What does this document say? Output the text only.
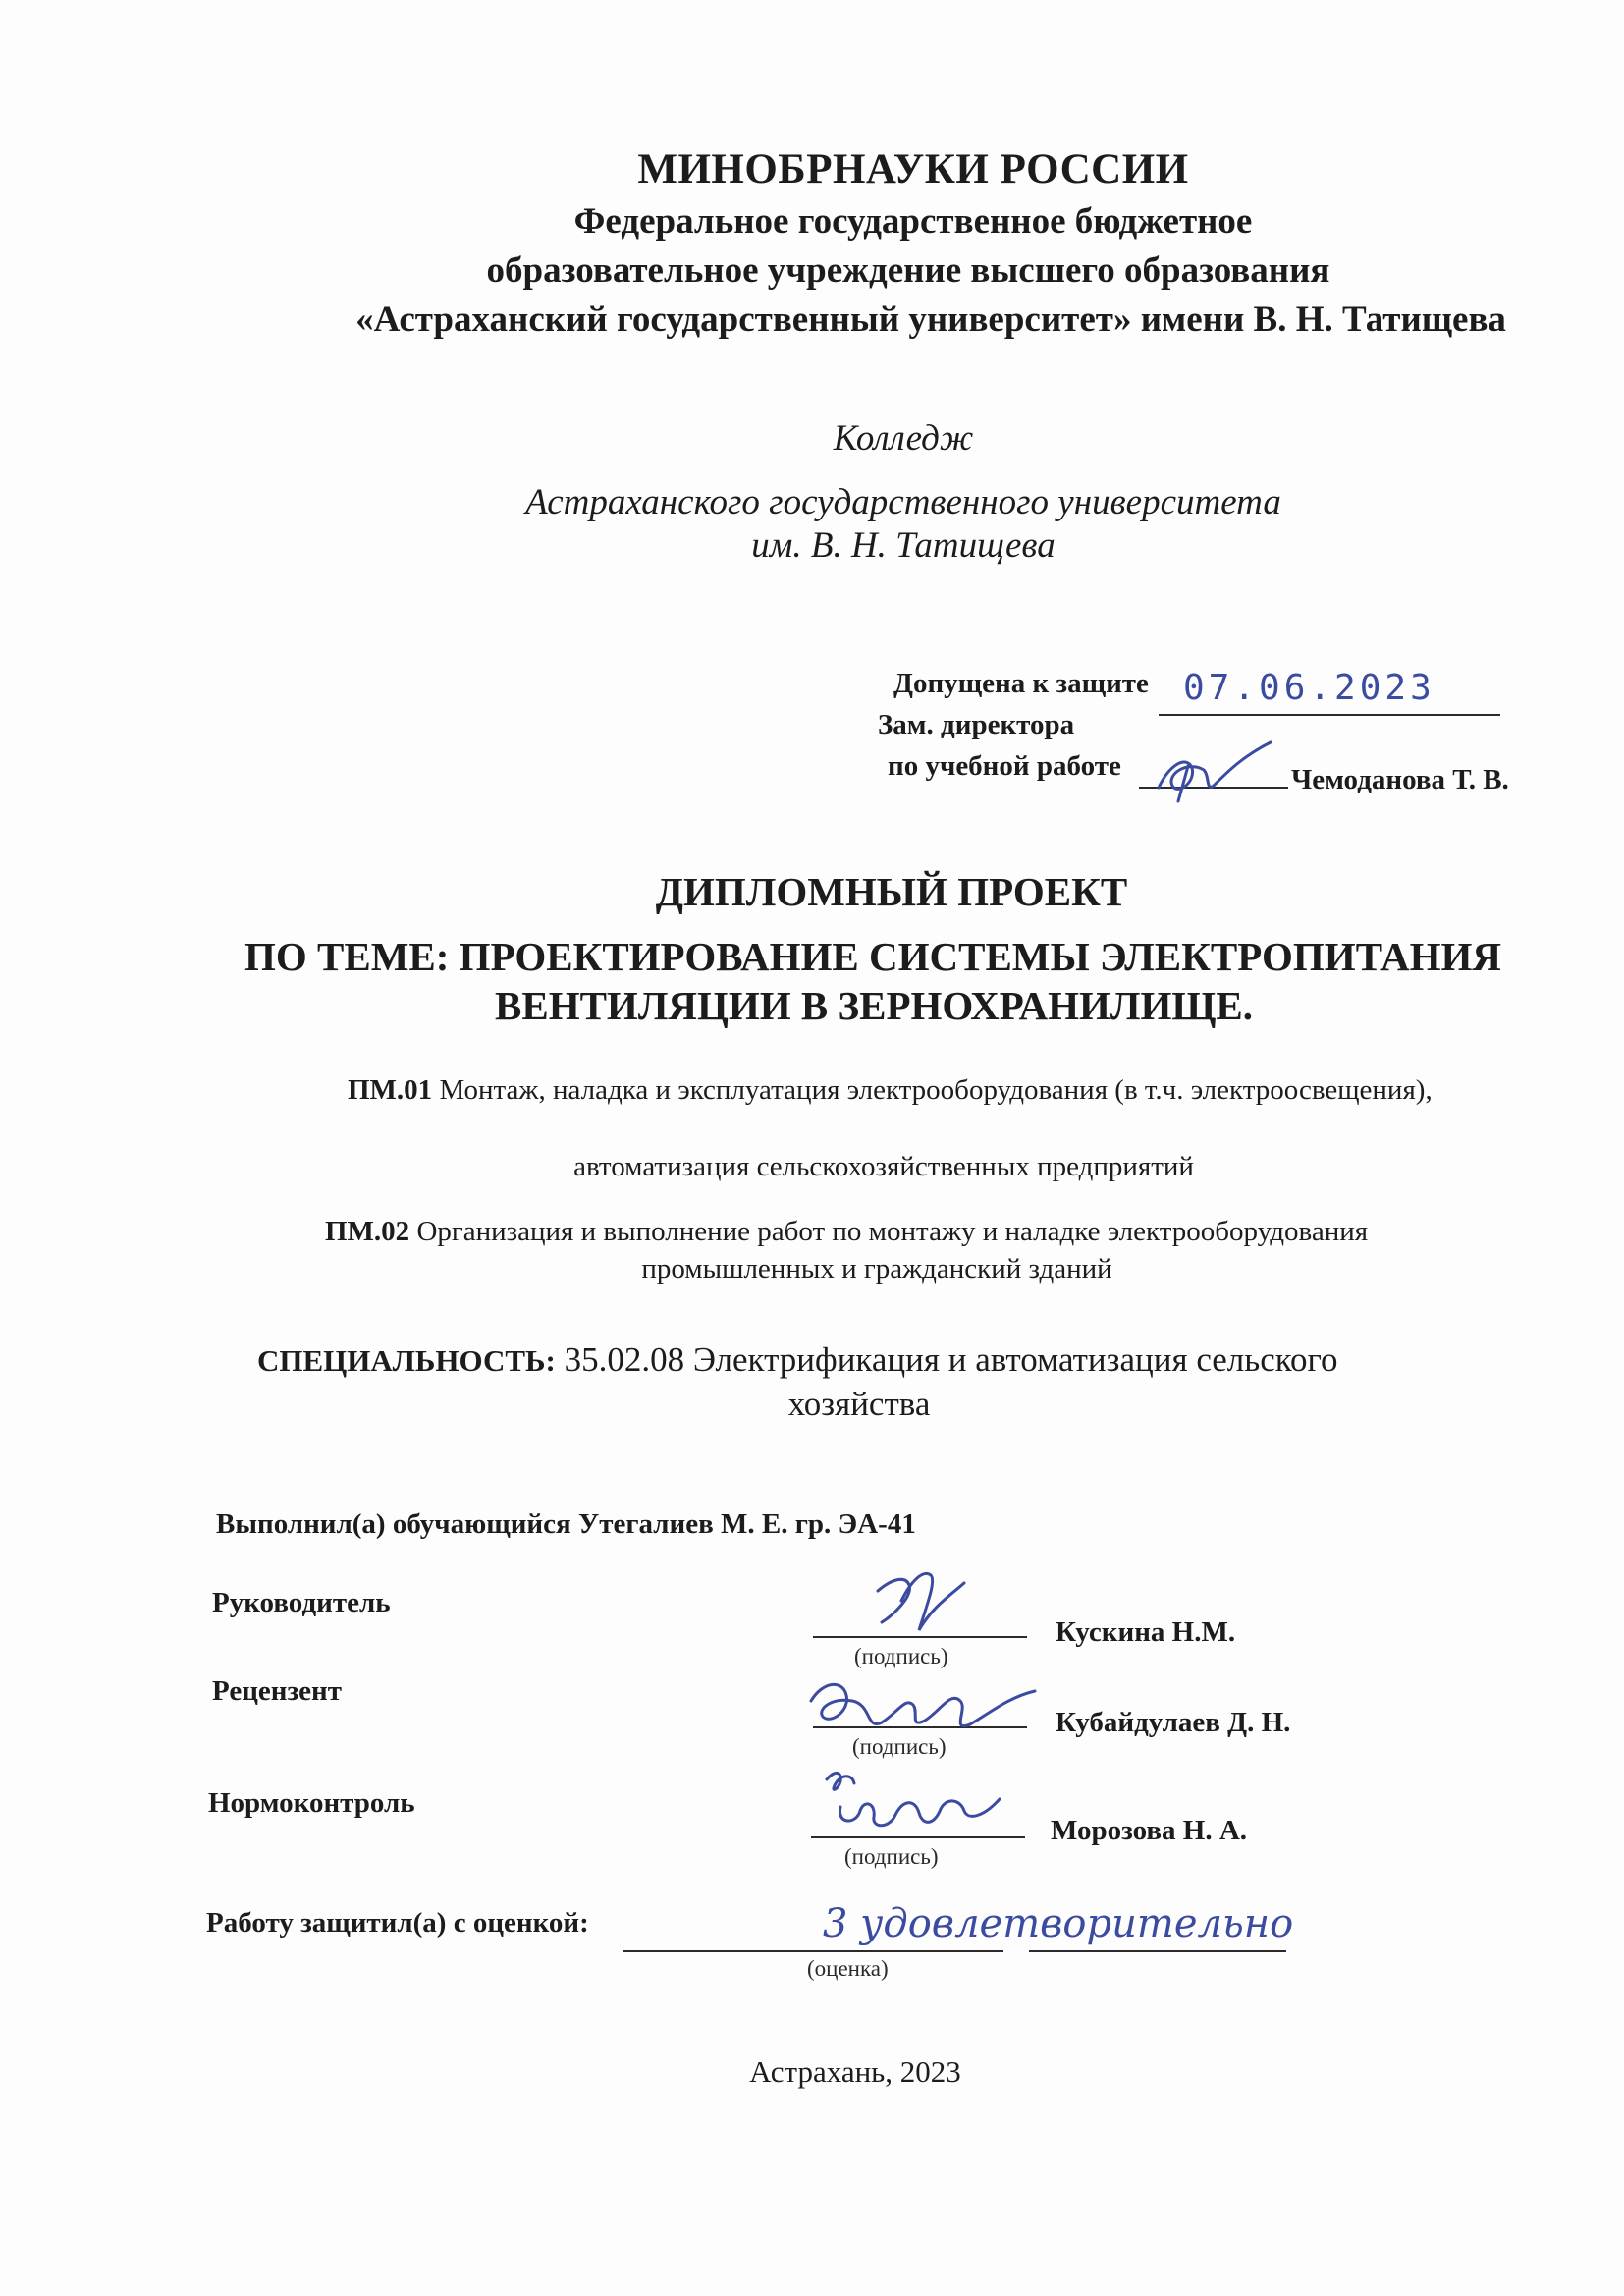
МИНОБРНАУКИ РОССИИ
Федеральное государственное бюджетное
образовательное учреждение высшего образования
«Астраханский государственный университет» имени В. Н. Татищева
Колледж
Астраханского государственного университета
им. В. Н. Татищева
Допущена к защите 07.06.2023
Зам. директора
по учебной работе	Чемоданова Т. В.
ДИПЛОМНЫЙ ПРОЕКТ
ПО ТЕМЕ: ПРОЕКТИРОВАНИЕ СИСТЕМЫ ЭЛЕКТРОПИТАНИЯ
ВЕНТИЛЯЦИИ В ЗЕРНОХРАНИЛИЩЕ.
ПМ.01 Монтаж, наладка и эксплуатация электрооборудования (в т.ч. электроосвещения),
автоматизация сельскохозяйственных предприятий
ПМ.02 Организация и выполнение работ по монтажу и наладке электрооборудования
промышленных и гражданский зданий
СПЕЦИАЛЬНОСТЬ: 35.02.08 Электрификация и автоматизация сельского
хозяйства
Выполнил(а) обучающийся Утегалиев М. Е. гр. ЭА-41
Руководитель
(подпись)
Кускина Н.М.
Рецензент
(подпись)
Кубайдулаев Д. Н.
Нормоконтроль
(подпись)
Морозова Н. А.
Работу защитил(а) с оценкой:	3 удовлетворительно
(оценка)
Астрахань, 2023
